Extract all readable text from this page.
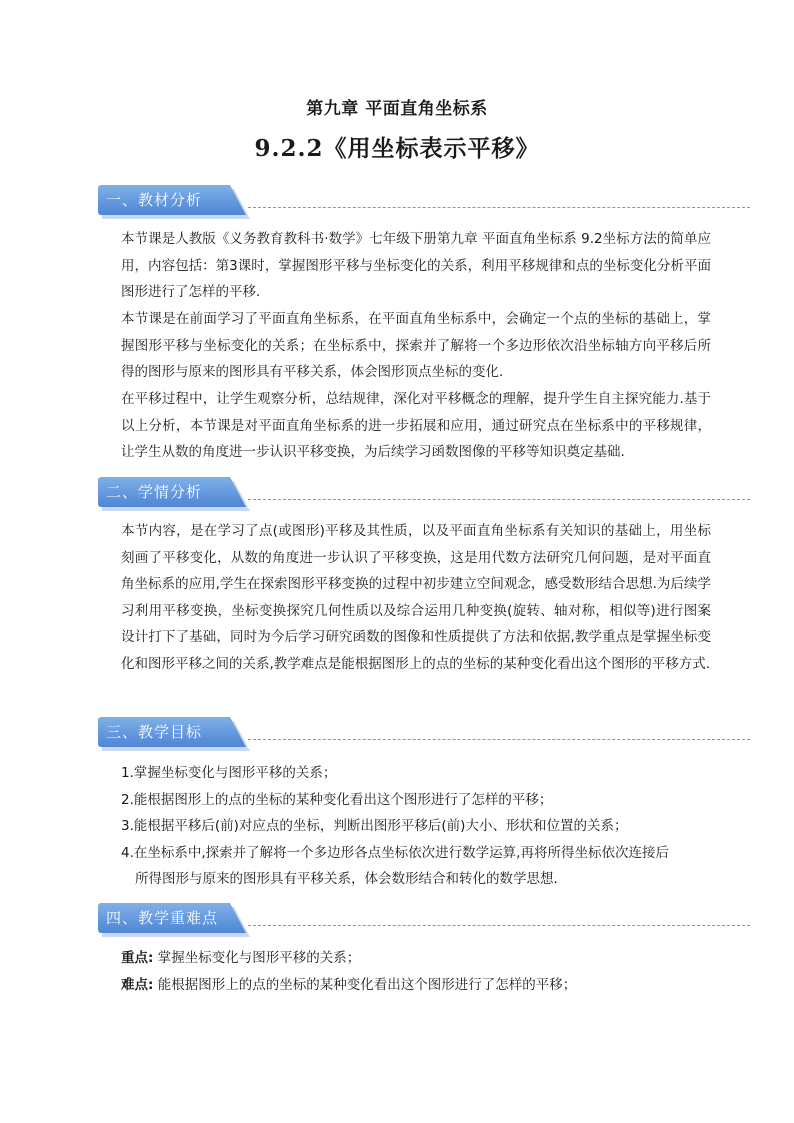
第九章 平面直角坐标系
9.2.2《用坐标表示平移》
一、教材分析
本节课是人教版《义务教育教科书·数学》七年级下册第九章 平面直角坐标系 9.2坐标方法的简单应用，内容包括：第3课时，掌握图形平移与坐标变化的关系，利用平移规律和点的坐标变化分析平面图形进行了怎样的平移.
本节课是在前面学习了平面直角坐标系，在平面直角坐标系中，会确定一个点的坐标的基础上，掌握图形平移与坐标变化的关系；在坐标系中，探索并了解将一个多边形依次沿坐标轴方向平移后所得的图形与原来的图形具有平移关系，体会图形顶点坐标的变化.
在平移过程中，让学生观察分析，总结规律，深化对平移概念的理解，提升学生自主探究能力.基于以上分析，本节课是对平面直角坐标系的进一步拓展和应用，通过研究点在坐标系中的平移规律，让学生从数的角度进一步认识平移变换，为后续学习函数图像的平移等知识奠定基础.
二、学情分析
本节内容，是在学习了点(或图形)平移及其性质，以及平面直角坐标系有关知识的基础上，用坐标刻画了平移变化，从数的角度进一步认识了平移变换，这是用代数方法研究几何问题，是对平面直角坐标系的应用,学生在探索图形平移变换的过程中初步建立空间观念，感受数形结合思想.为后续学习利用平移变换，坐标变换探究几何性质以及综合运用几种变换(旋转、轴对称，相似等)进行图案设计打下了基础，同时为今后学习研究函数的图像和性质提供了方法和依据,教学重点是掌握坐标变化和图形平移之间的关系,教学难点是能根据图形上的点的坐标的某种变化看出这个图形的平移方式.
三、教学目标
1.掌握坐标变化与图形平移的关系；
2.能根据图形上的点的坐标的某种变化看出这个图形进行了怎样的平移；
3.能根据平移后(前)对应点的坐标，判断出图形平移后(前)大小、形状和位置的关系；
4.在坐标系中,探索并了解将一个多边形各点坐标依次进行数学运算,再将所得坐标依次连接后
所得图形与原来的图形具有平移关系，体会数形结合和转化的数学思想.
四、教学重难点
重点: 掌握坐标变化与图形平移的关系；
难点: 能根据图形上的点的坐标的某种变化看出这个图形进行了怎样的平移；
